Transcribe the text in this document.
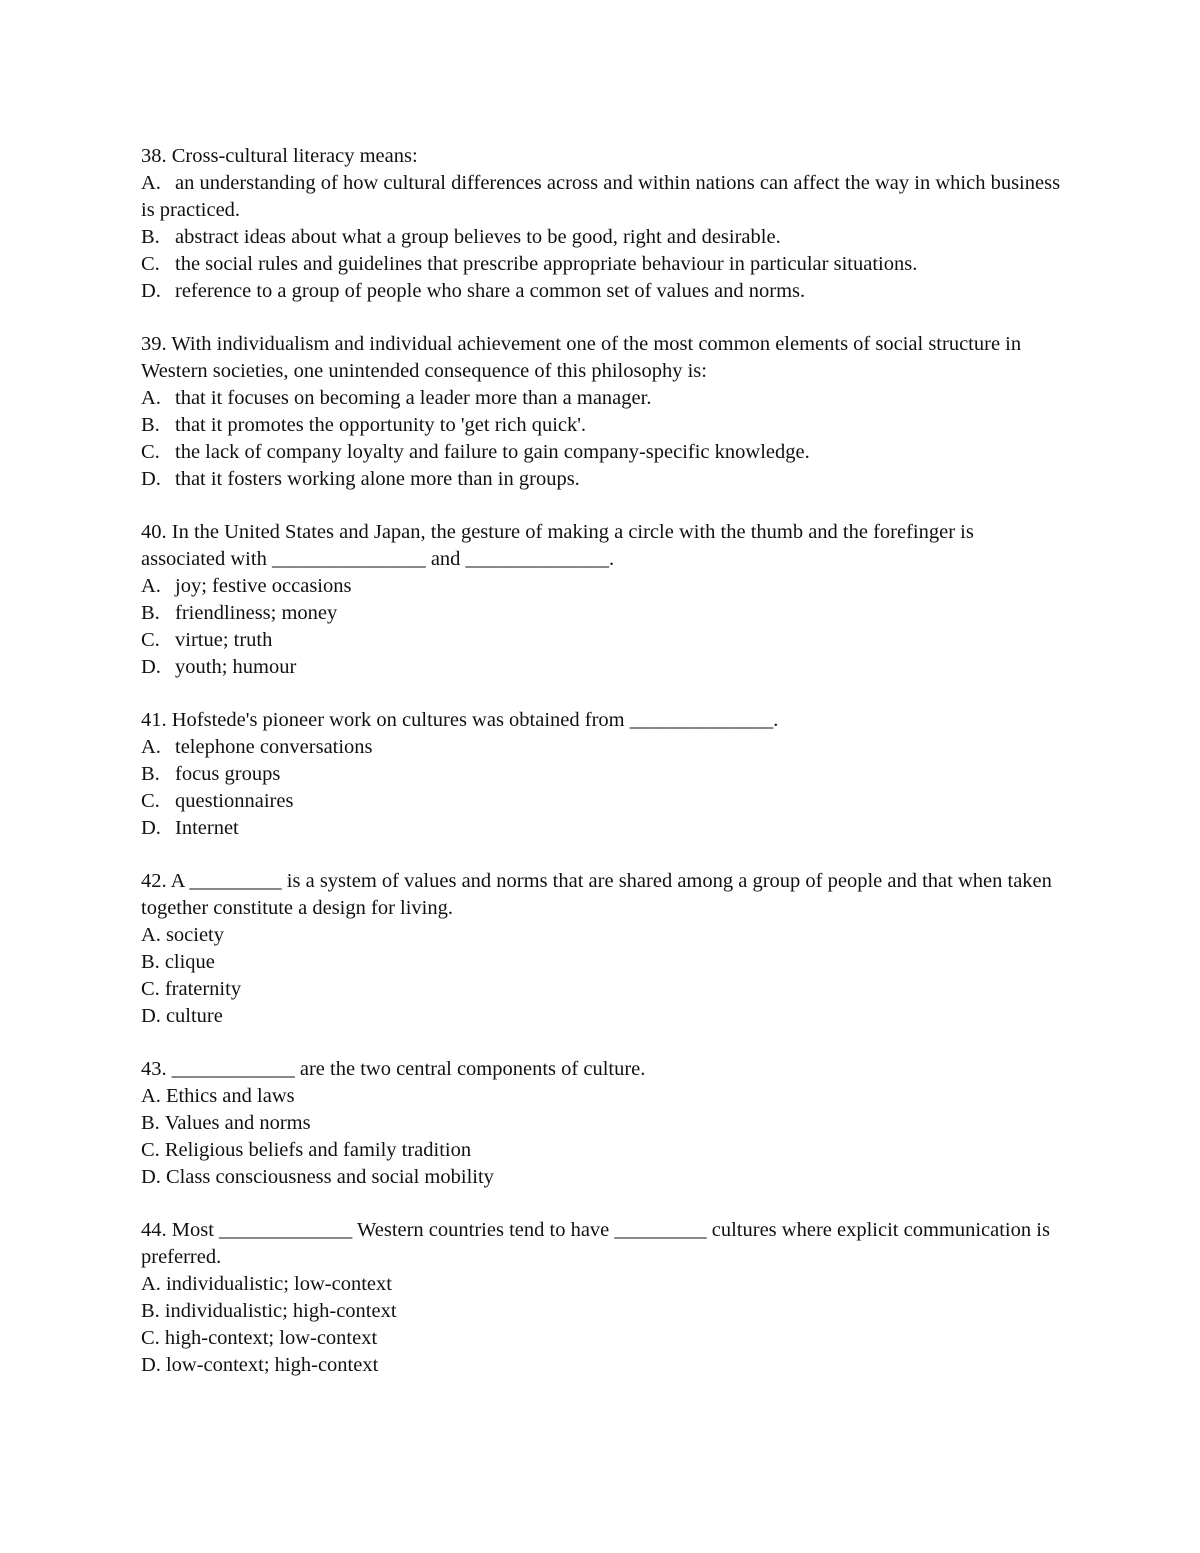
38. Cross-cultural literacy means:

A. an understanding of how cultural differences across and within nations can affect the way in which business is practiced.

B. abstract ideas about what a group believes to be good, right and desirable.

C. the social rules and guidelines that prescribe appropriate behaviour in particular situations.

D. reference to a group of people who share a common set of values and norms.

39. With individualism and individual achievement one of the most common elements of social structure in Western societies, one unintended consequence of this philosophy is:

A. that it focuses on becoming a leader more than a manager.

B. that it promotes the opportunity to 'get rich quick'.

C. the lack of company loyalty and failure to gain company-specific knowledge.

D. that it fosters working alone more than in groups.

40. In the United States and Japan, the gesture of making a circle with the thumb and the forefinger is associated with _______________ and ______________.

A. joy; festive occasions

B. friendliness; money

C. virtue; truth

D. youth; humour

41. Hofstede's pioneer work on cultures was obtained from ______________.

A. telephone conversations

B. focus groups

C. questionnaires

D. Internet

42. A _________ is a system of values and norms that are shared among a group of people and that when taken together constitute a design for living.

A. society

B. clique

C. fraternity

D. culture

43. ____________ are the two central components of culture.

A. Ethics and laws

B. Values and norms

C. Religious beliefs and family tradition

D. Class consciousness and social mobility

44. Most _____________ Western countries tend to have _________ cultures where explicit communication is preferred.

A. individualistic; low-context

B. individualistic; high-context

C. high-context; low-context

D. low-context; high-context
